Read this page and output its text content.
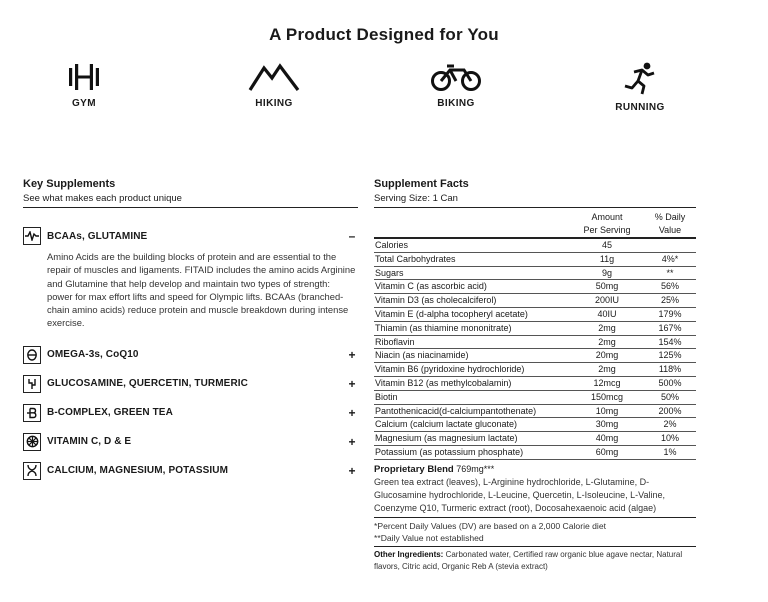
A Product Designed for You
GYM	HIKING	BIKING	RUNNING
Key Supplements
See what makes each product unique
BCAAs, GLUTAMINE	–
Amino Acids are the building blocks of protein and are essential to the repair of muscles and ligaments. FITAID includes the amino acids Arginine and Glutamine that help develop and maintain two types of strength: power for max effort lifts and speed for Olympic lifts. BCAAs (branched-chain amino acids) reduce protein and muscle breakdown during intense exercise.
OMEGA-3s, CoQ10	+
GLUCOSAMINE, QUERCETIN, TURMERIC	+
B-COMPLEX, GREEN TEA	+
VITAMIN C, D & E	+
CALCIUM, MAGNESIUM, POTASSIUM	+
Supplement Facts
Serving Size: 1 Can
Amount
Per Serving
% Daily
Value
Calories	45
Total Carbohydrates	11g	4%*
Sugars	9g	**
Vitamin C (as ascorbic acid)	50mg	56%
Vitamin D3 (as cholecalciferol)	200IU	25%
Vitamin E (d-alpha tocopheryl acetate)	40IU	179%
Thiamin (as thiamine mononitrate)	2mg	167%
Riboflavin	2mg	154%
Niacin (as niacinamide)	20mg	125%
Vitamin B6 (pyridoxine hydrochloride)	2mg	118%
Vitamin B12 (as methylcobalamin)	12mcg	500%
Biotin	150mcg	50%
Pantothenicacid(d-calciumpantothenate)	10mg	200%
Calcium (calcium lactate gluconate)	30mg	2%
Magnesium (as magnesium lactate)	40mg	10%
Potassium (as potassium phosphate)	60mg	1%
Proprietary Blend 769mg***
Green tea extract (leaves), L-Arginine hydrochloride, L-Glutamine, D-Glucosamine hydrochloride, L-Leucine, Quercetin, L-Isoleucine, L-Valine, Coenzyme Q10, Turmeric extract (root), Docosahexaenoic acid (algae)
*Percent Daily Values (DV) are based on a 2,000 Calorie diet
**Daily Value not established
Other Ingredients: Carbonated water, Certified raw organic blue agave nectar, Natural flavors, Citric acid, Organic Reb A (stevia extract)
